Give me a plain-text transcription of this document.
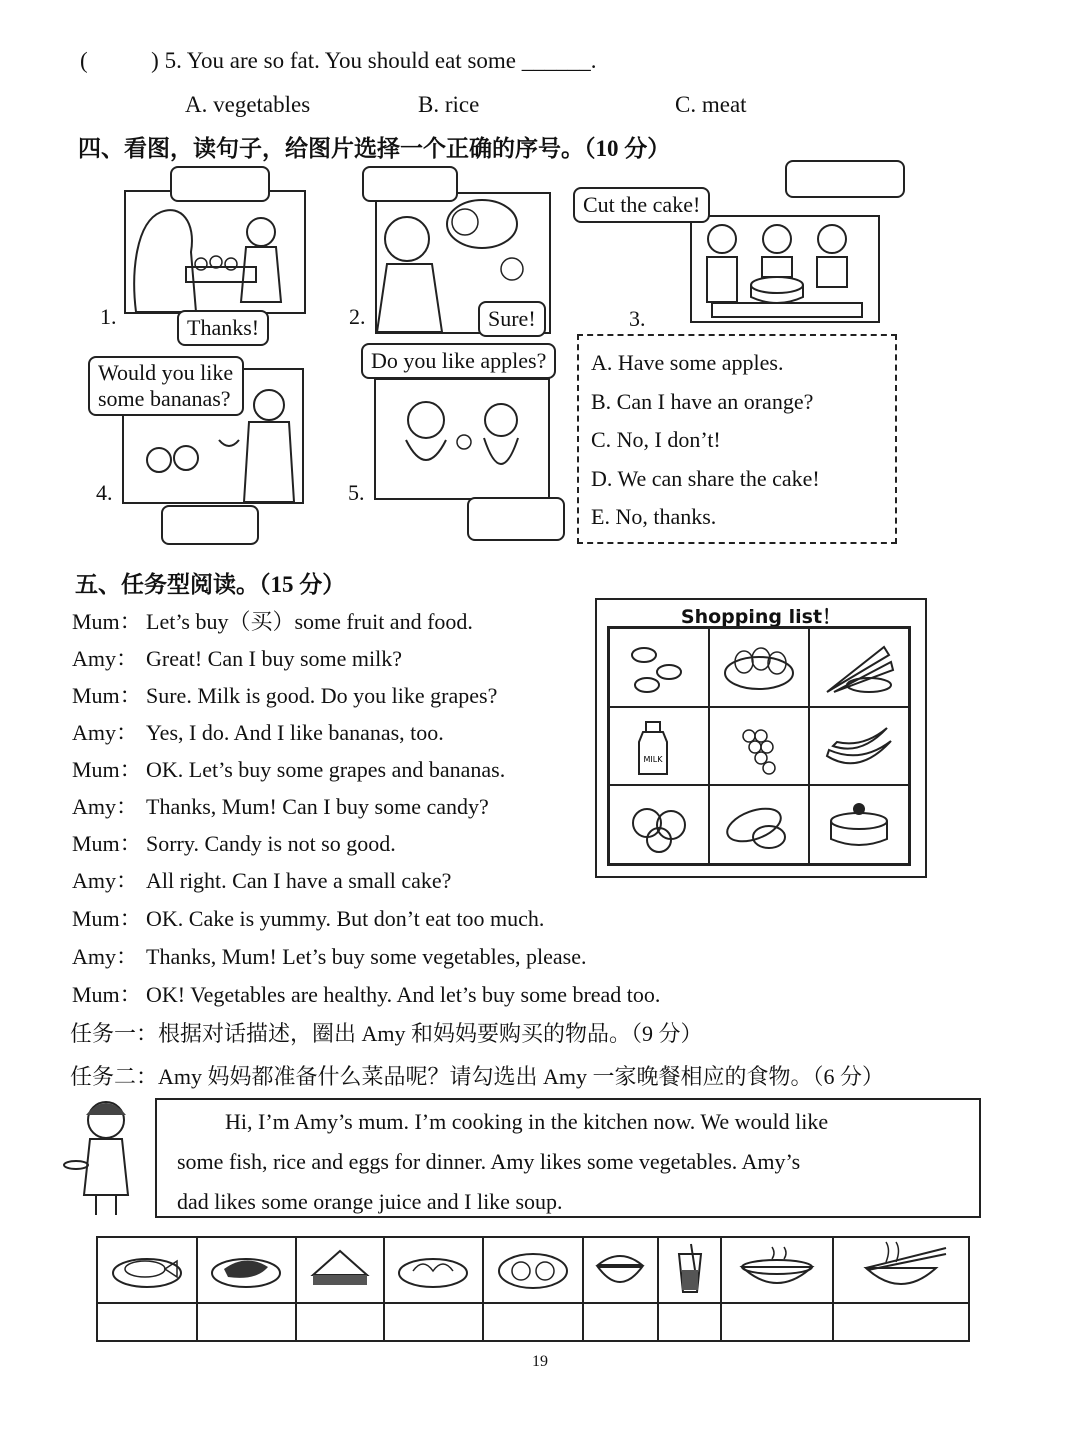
(	) 5. You are so fat. You should eat some ______.
A. vegetables	B. rice	C. meat
四、看图，读句子，给图片选择一个正确的序号。（10 分）
1.	Thanks!	2.	Sure!
Cut the cake!
3.
Would you like
some bananas?
4.
Do you like apples?
5.
A. Have some apples.
B. Can I have an orange?
C. No, I don’t!
D. We can share the cake!
E. No, thanks.
五、任务型阅读。（15 分）
Mum： Let’s buy（买）some fruit and food.
Amy： Great! Can I buy some milk?
Mum： Sure. Milk is good. Do you like grapes?
Amy： Yes, I do. And I like bananas, too.
Mum： OK. Let’s buy some grapes and bananas.
Amy： Thanks, Mum! Can I buy some candy?
Mum： Sorry. Candy is not so good.
Amy： All right. Can I have a small cake?
Mum： OK. Cake is yummy. But don’t eat too much.
Amy： Thanks, Mum! Let’s buy some vegetables, please.
Mum： OK! Vegetables are healthy. And let’s buy some bread too.
Shopping list！
MILK
任务一：根据对话描述，圈出 Amy 和妈妈要购买的物品。（9 分）
任务二：Amy 妈妈都准备什么菜品呢？请勾选出 Amy 一家晚餐相应的食物。（6 分）
Hi, I’m Amy’s mum. I’m cooking in the kitchen now. We would like
some fish, rice and eggs for dinner. Amy likes some vegetables. Amy’s
dad likes some orange juice and I like soup.

19
